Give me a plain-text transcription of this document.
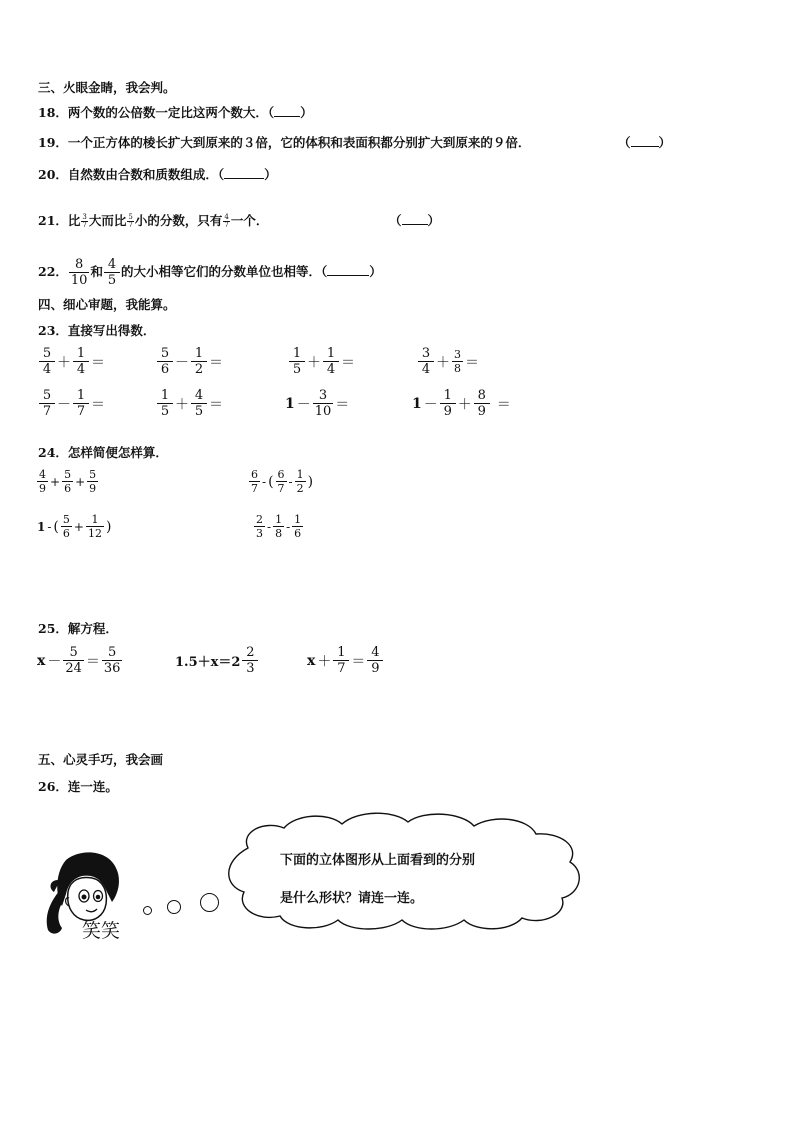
三、火眼金睛，我会判。
18．两个数的公倍数一定比这两个数大．（ ）
19．一个正方体的棱长扩大到原来的３倍，它的体积和表面积都分别扩大到原来的９倍．	（ ）
20．自然数由合数和质数组成．（	）
21．比 $\frac{3}{7}$ 大而比 $\frac{5}{7}$ 小的分数，只有 $\frac{4}{7}$ 一个．	（ ）
22． $\frac{8}{10}$ 和 $\frac{4}{5}$ 的大小相等它们的分数单位也相等．（	）
四、细心审题，我能算。
23．直接写出得数．
$\frac{5}{4} + \frac{1}{4}$ ＝	$\frac{5}{6} - \frac{1}{2}$ ＝	$\frac{1}{5} + \frac{1}{4}$ ＝	$\frac{3}{4} + \frac{3}{8}$ ＝
$\frac{5}{7} - \frac{1}{7}$ ＝	$\frac{1}{5} + \frac{4}{5}$ ＝	$1 - \frac{3}{10}$ ＝	$1 - \frac{1}{9} + \frac{8}{9}$ ＝
24．怎样简便怎样算．
$\frac{4}{9} + \frac{5}{6} + \frac{5}{9}$	$\frac{6}{7}$ - ( $\frac{6}{7} - \frac{1}{2}$ )
1 - ( $\frac{5}{6} + \frac{1}{12}$ )	$\frac{2}{3} - \frac{1}{8} - \frac{1}{6}$
25．解方程．
$x - \frac{5}{24} = \frac{5}{36}$	$1.5+x=2 \frac{2}{3}$	$x + \frac{1}{7} = \frac{4}{9}$
五、心灵手巧，我会画
26．连一连。
笑笑
下面的立体图形从上面看到的分别
是什么形状？请连一连。
